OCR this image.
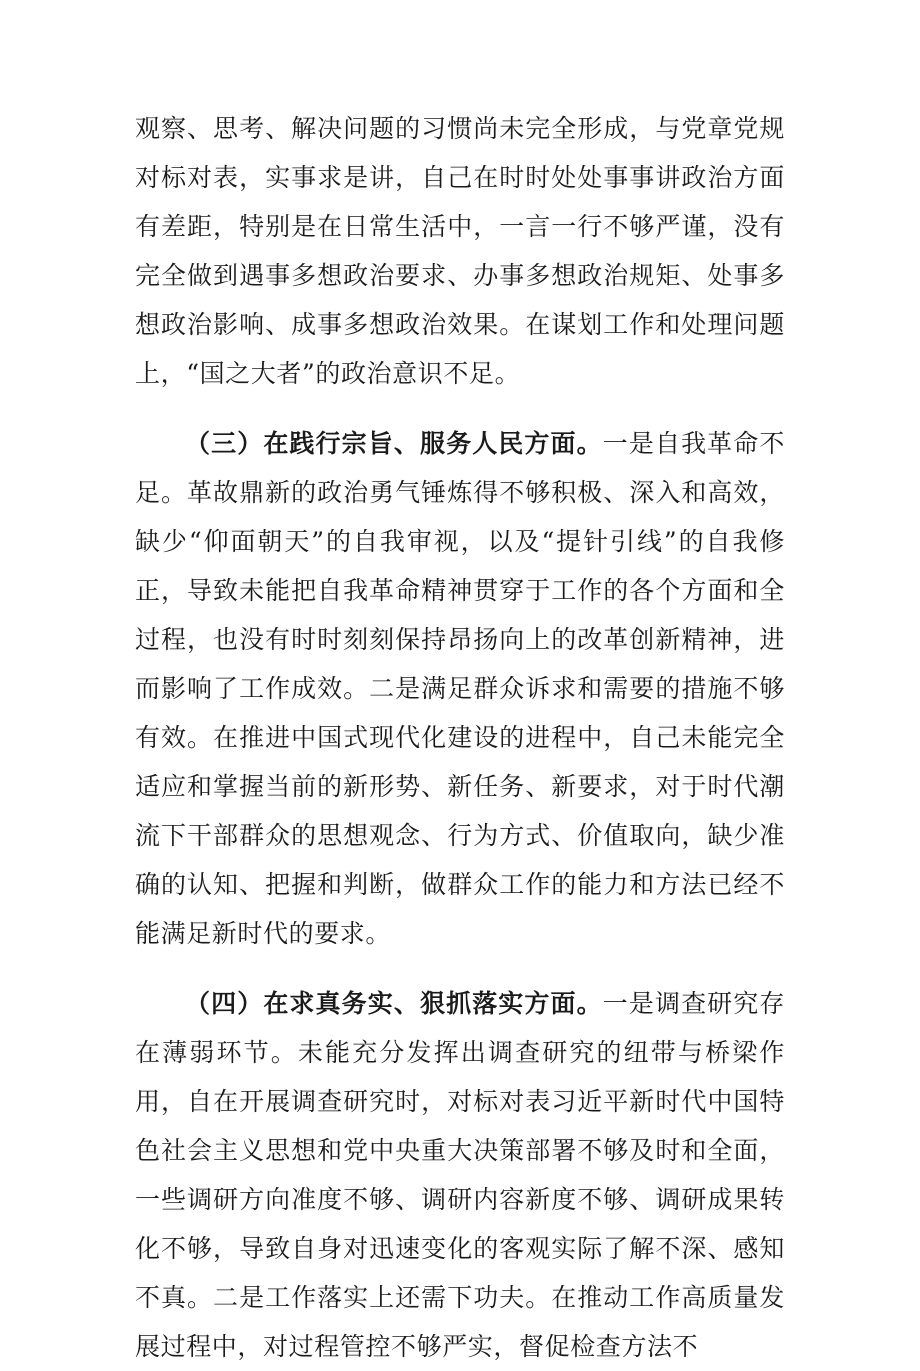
观察、思考、解决问题的习惯尚未完全形成，与党章党规对标对表，实事求是讲，自己在时时处处事事讲政治方面有差距，特别是在日常生活中，一言一行不够严谨，没有完全做到遇事多想政治要求、办事多想政治规矩、处事多想政治影响、成事多想政治效果。在谋划工作和处理问题上，“国之大者”的政治意识不足。

（三）在践行宗旨、服务人民方面。一是自我革命不足。革故鼎新的政治勇气锤炼得不够积极、深入和高效，缺少“仰面朝天”的自我审视，以及“提针引线”的自我修正，导致未能把自我革命精神贯穿于工作的各个方面和全过程，也没有时时刻刻保持昂扬向上的改革创新精神，进而影响了工作成效。二是满足群众诉求和需要的措施不够有效。在推进中国式现代化建设的进程中，自己未能完全适应和掌握当前的新形势、新任务、新要求，对于时代潮流下干部群众的思想观念、行为方式、价值取向，缺少准确的认知、把握和判断，做群众工作的能力和方法已经不能满足新时代的要求。

（四）在求真务实、狠抓落实方面。一是调查研究存在薄弱环节。未能充分发挥出调查研究的纽带与桥梁作用，自在开展调查研究时，对标对表习近平新时代中国特色社会主义思想和党中央重大决策部署不够及时和全面，一些调研方向准度不够、调研内容新度不够、调研成果转化不够，导致自身对迅速变化的客观实际了解不深、感知不真。二是工作落实上还需下功夫。在推动工作高质量发展过程中，对过程管控不够严实，督促检查方法不
